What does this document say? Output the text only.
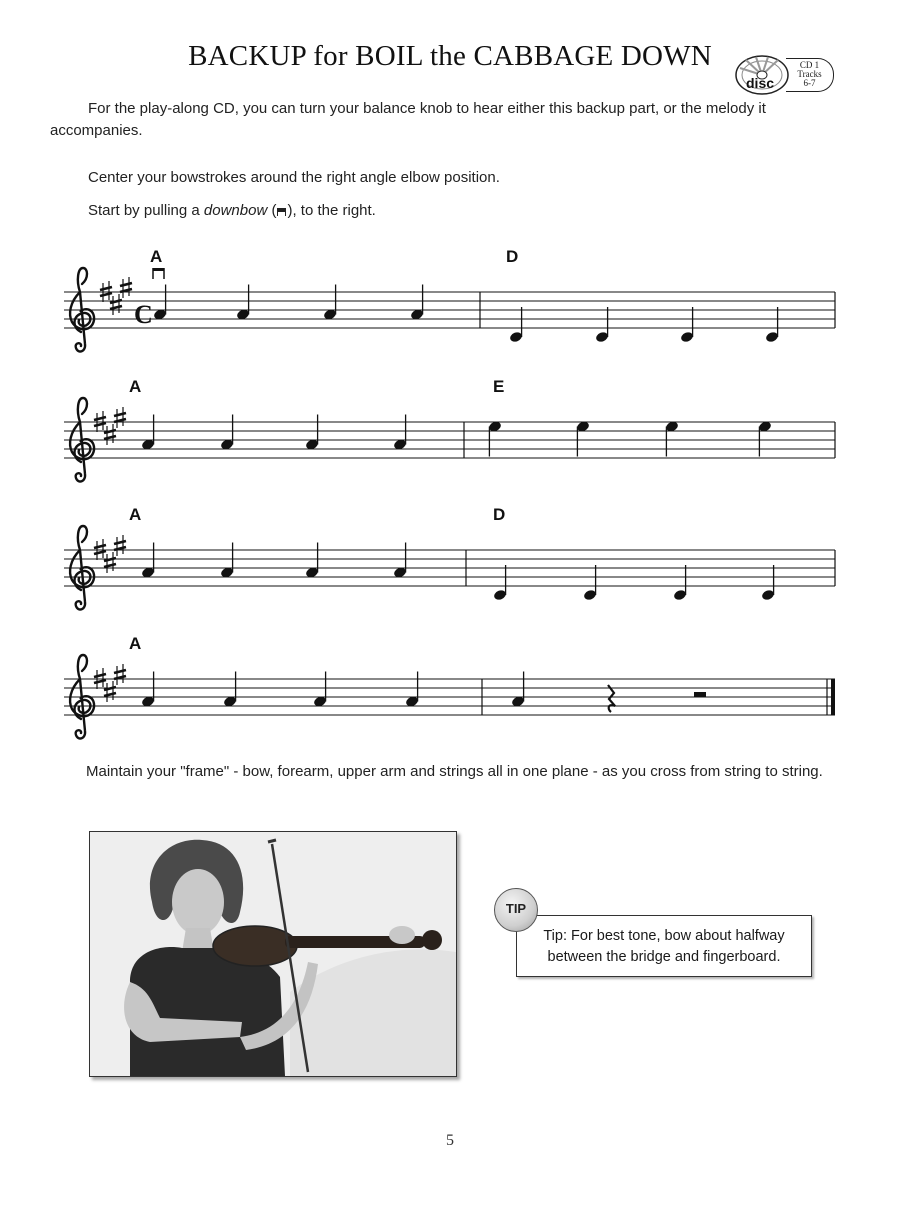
BACKUP for BOIL the CABBAGE DOWN
disc
CD 1
Tracks
6-7
For the play-along CD, you can turn your balance knob to hear either this backup part, or the melody it accompanies.
Center your bowstrokes around the right angle elbow position.
Start by pulling a downbow ( ), to the right.
A	D
C
A	E
A	D
A
Maintain your "frame" - bow, forearm, upper arm and strings all in one plane - as you cross from string to string.
TIP
Tip: For best tone, bow about halfway
between the bridge and fingerboard.
5
